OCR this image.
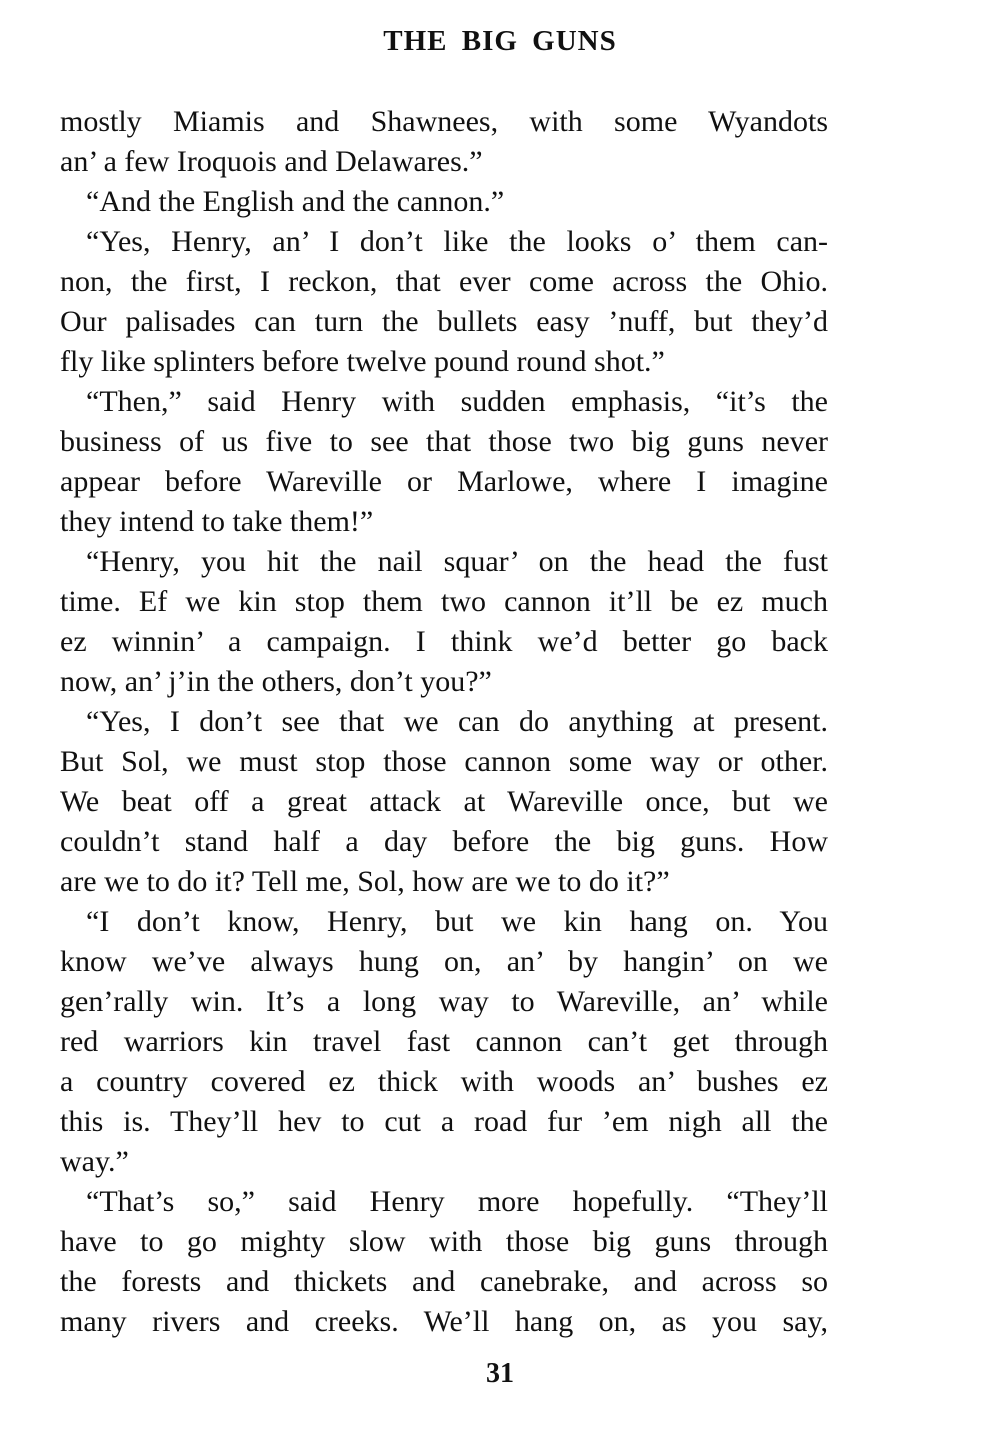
THE BIG GUNS
mostly Miamis and Shawnees, with some Wyandots
an’ a few Iroquois and Delawares.”
“And the English and the cannon.”
“Yes, Henry, an’ I don’t like the looks o’ them can-
non, the first, I reckon, that ever come across the Ohio.
Our palisades can turn the bullets easy ’nuff, but they’d
fly like splinters before twelve pound round shot.”
“Then,” said Henry with sudden emphasis, “it’s the
business of us five to see that those two big guns never
appear before Wareville or Marlowe, where I imagine
they intend to take them!”
“Henry, you hit the nail squar’ on the head the fust
time. Ef we kin stop them two cannon it’ll be ez much
ez winnin’ a campaign. I think we’d better go back
now, an’ j’in the others, don’t you?”
“Yes, I don’t see that we can do anything at present.
But Sol, we must stop those cannon some way or other.
We beat off a great attack at Wareville once, but we
couldn’t stand half a day before the big guns. How
are we to do it? Tell me, Sol, how are we to do it?”
“I don’t know, Henry, but we kin hang on. You
know we’ve always hung on, an’ by hangin’ on we
gen’rally win. It’s a long way to Wareville, an’ while
red warriors kin travel fast cannon can’t get through
a country covered ez thick with woods an’ bushes ez
this is. They’ll hev to cut a road fur ’em nigh all the
way.”
“That’s so,” said Henry more hopefully. “They’ll
have to go mighty slow with those big guns through
the forests and thickets and canebrake, and across so
many rivers and creeks. We’ll hang on, as you say,
31
